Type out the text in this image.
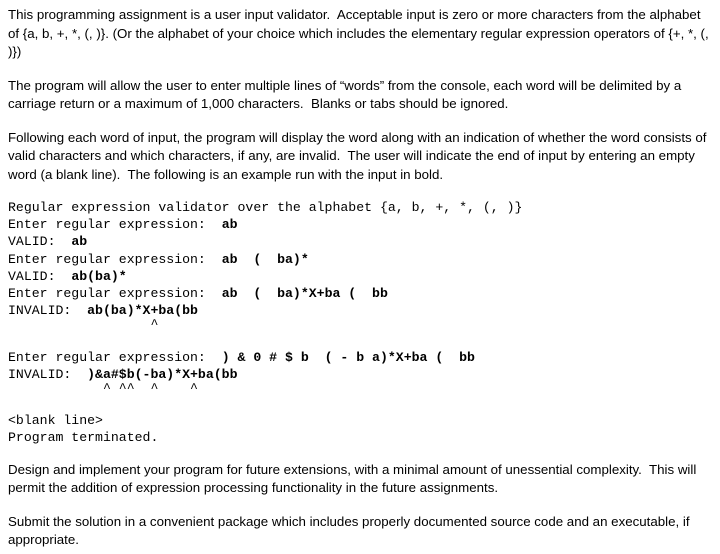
This programming assignment is a user input validator.  Acceptable input is zero or more characters from the alphabet of {a, b, +, *, (, )}. (Or the alphabet of your choice which includes the elementary regular expression operators of {+, *, (, )})

The program will allow the user to enter multiple lines of “words” from the console, each word will be delimited by a carriage return or a maximum of 1,000 characters.  Blanks or tabs should be ignored.

Following each word of input, the program will display the word along with an indication of whether the word consists of valid characters and which characters, if any, are invalid.  The user will indicate the end of input by entering an empty word (a blank line).  The following is an example run with the input in bold.

Regular expression validator over the alphabet {a, b, +, *, (, )}
Enter regular expression:  ab
VALID:  ab
Enter regular expression:  ab  (  ba)*
VALID:  ab(ba)*
Enter regular expression:  ab  (  ba)*X+ba (  bb
INVALID:  ab(ba)*X+ba(bb
^
Enter regular expression:  ) & 0 # $ b  ( - b a)*X+ba (  bb
INVALID:  )&a#$b(-ba)*X+ba(bb
^ ^^  ^    ^
<blank line>
Program terminated.

Design and implement your program for future extensions, with a minimal amount of unessential complexity.  This will permit the addition of expression processing functionality in the future assignments.

Submit the solution in a convenient package which includes properly documented source code and an executable, if appropriate.
